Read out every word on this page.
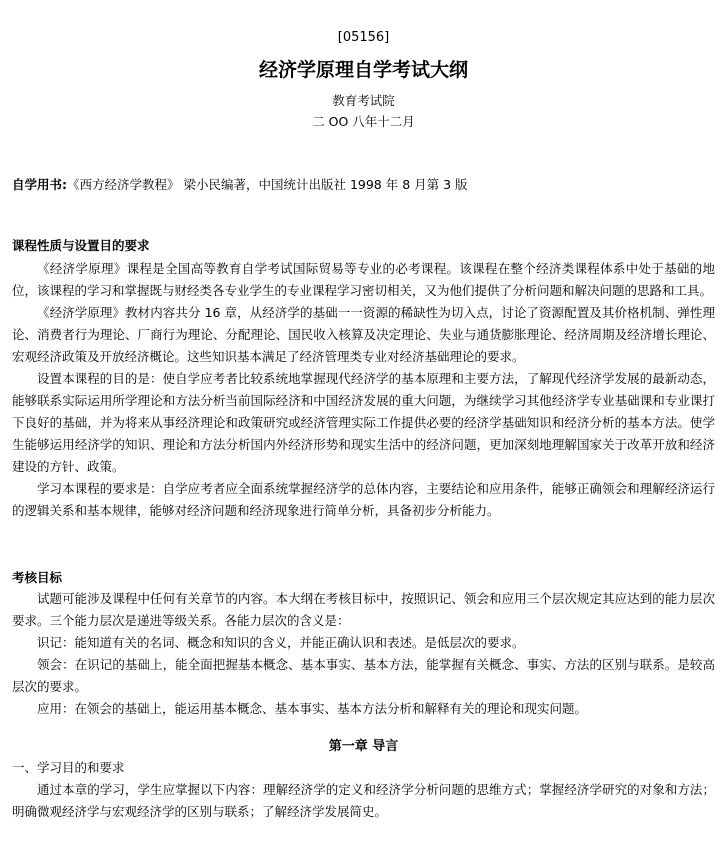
[05156]
经济学原理自学考试大纲
教育考试院
二 OO 八年十二月
自学用书:《西方经济学教程》 梁小民编著，中国统计出版社 1998 年 8 月第 3 版
课程性质与设置目的要求

《经济学原理》课程是全国高等教育自学考试国际贸易等专业的必考课程。该课程在整个经济类课程体系中处于基础的地位，该课程的学习和掌握既与财经类各专业学生的专业课程学习密切相关，又为他们提供了分析问题和解决问题的思路和工具。

《经济学原理》教材内容共分 16 章，从经济学的基础一一资源的稀缺性为切入点，讨论了资源配置及其价格机制、弹性理论、消费者行为理论、厂商行为理论、分配理论、国民收入核算及决定理论、失业与通货膨胀理论、经济周期及经济增长理论、宏观经济政策及开放经济概论。这些知识基本满足了经济管理类专业对经济基础理论的要求。

设置本课程的目的是：使自学应考者比较系统地掌握现代经济学的基本原理和主要方法，了解现代经济学发展的最新动态，能够联系实际运用所学理论和方法分析当前国际经济和中国经济发展的重大问题，为继续学习其他经济学专业基础课和专业课打下良好的基础，并为将来从事经济理论和政策研究或经济管理实际工作提供必要的经济学基础知识和经济分析的基本方法。使学生能够运用经济学的知识、理论和方法分析国内外经济形势和现实生活中的经济问题，更加深刻地理解国家关于改革开放和经济建设的方针、政策。

学习本课程的要求是：自学应考者应全面系统掌握经济学的总体内容，主要结论和应用条件，能够正确领会和理解经济运行的逻辑关系和基本规律，能够对经济问题和经济现象进行简单分析，具备初步分析能力。

考核目标

试题可能涉及课程中任何有关章节的内容。本大纲在考核目标中，按照识记、领会和应用三个层次规定其应达到的能力层次要求。三个能力层次是递进等级关系。各能力层次的含义是：

识记：能知道有关的名词、概念和知识的含义，并能正确认识和表述。是低层次的要求。

领会：在识记的基础上，能全面把握基本概念、基本事实、基本方法，能掌握有关概念、事实、方法的区别与联系。是较高层次的要求。

应用：在领会的基础上，能运用基本概念、基本事实、基本方法分析和解释有关的理论和现实问题。

第一章 导言
一、学习目的和要求

通过本章的学习，学生应掌握以下内容：理解经济学的定义和经济学分析问题的思维方式；掌握经济学研究的对象和方法；明确微观经济学与宏观经济学的区别与联系；了解经济学发展简史。
